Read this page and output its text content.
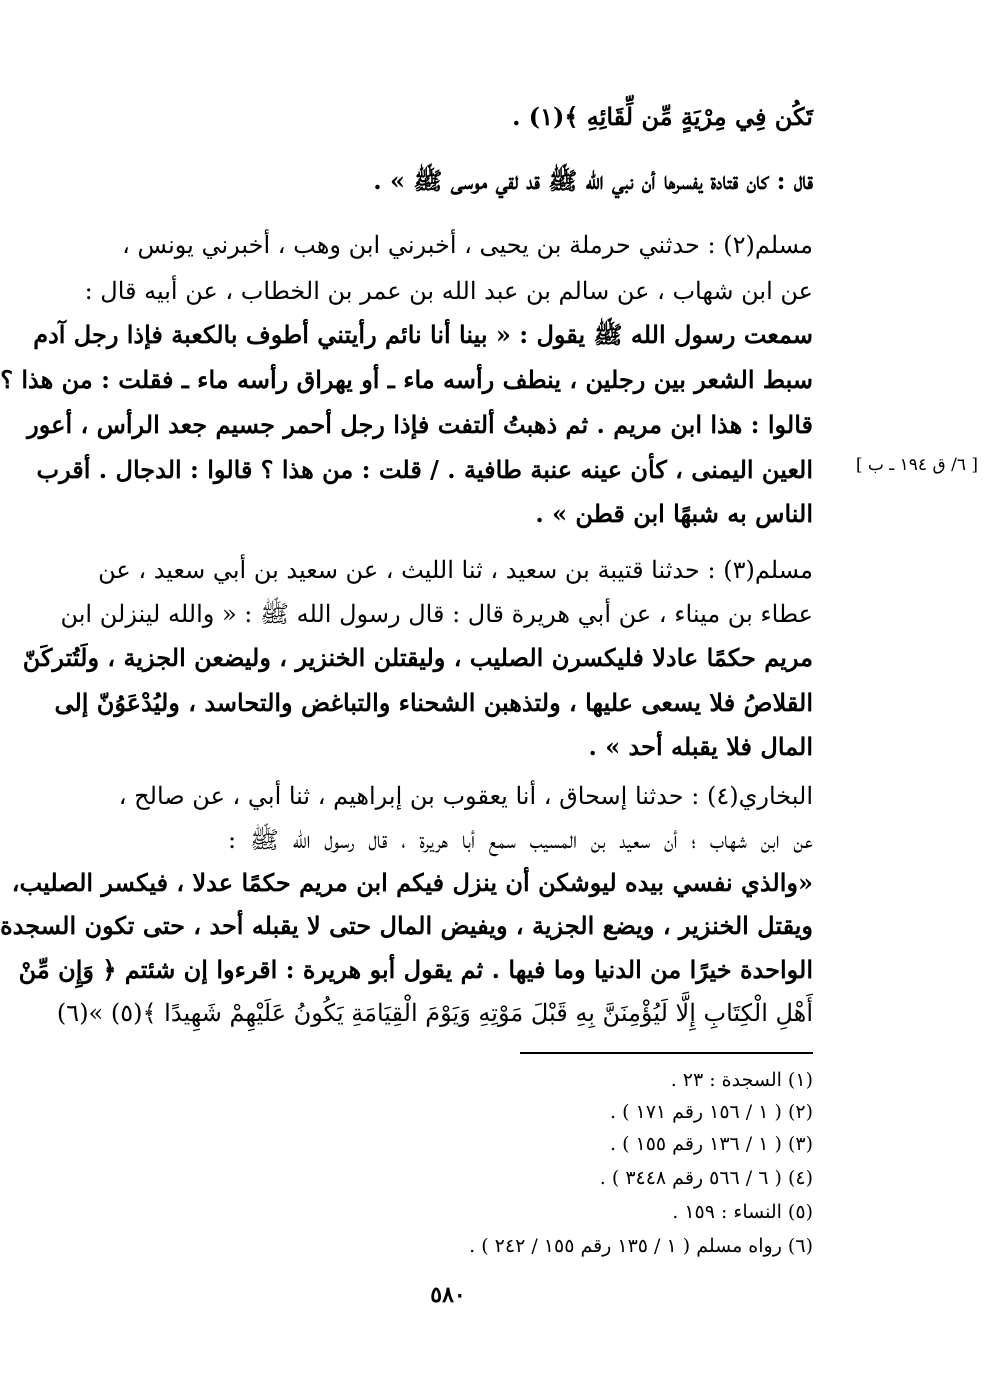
تَكُن فِي مِرْيَةٍ مِّن لِّقَائِهِ ﴾(١) .
قال : كان قتادة يفسرها أن نبي الله ﷺ قد لقي موسى ﷺ » .
مسلم(٢) : حدثني حرملة بن يحيى ، أخبرني ابن وهب ، أخبرني يونس ،
عن ابن شهاب ، عن سالم بن عبد الله بن عمر بن الخطاب ، عن أبيه قال :
سمعت رسول الله ﷺ يقول : « بينا أنا نائم رأيتني أطوف بالكعبة فإذا رجل آدم
سبط الشعر بين رجلين ، ينطف رأسه ماء ـ أو يهراق رأسه ماء ـ فقلت : من هذا ؟
قالوا : هذا ابن مريم . ثم ذهبتُ ألتفت فإذا رجل أحمر جسيم جعد الرأس ، أعور
العين اليمنى ، كأن عينه عنبة طافية . / قلت : من هذا ؟ قالوا : الدجال . أقرب
الناس به شبهًا ابن قطن » .
مسلم(٣) : حدثنا قتيبة بن سعيد ، ثنا الليث ، عن سعيد بن أبي سعيد ، عن
عطاء بن ميناء ، عن أبي هريرة قال : قال رسول الله ﷺ : « والله لينزلن ابن
مريم حكمًا عادلا فليكسرن الصليب ، وليقتلن الخنزير ، وليضعن الجزية ، ولَتُتركَنّ
القلاصُ فلا يسعى عليها ، ولتذهبن الشحناء والتباغض والتحاسد ، وليُدْعَوُنّ إلى
المال فلا يقبله أحد » .
البخاري(٤) : حدثنا إسحاق ، أنا يعقوب بن إبراهيم ، ثنا أبي ، عن صالح ،
عن ابن شهاب ؛ أن سعيد بن المسيب سمع أبا هريرة ، قال رسول الله ﷺ :
«والذي نفسي بيده ليوشكن أن ينزل فيكم ابن مريم حكمًا عدلا ، فيكسر الصليب،
ويقتل الخنزير ، ويضع الجزية ، ويفيض المال حتى لا يقبله أحد ، حتى تكون السجدة
الواحدة خيرًا من الدنيا وما فيها . ثم يقول أبو هريرة : اقرءوا إن شئتم ﴿ وَإِن مِّنْ
أَهْلِ الْكِتَابِ إِلَّا لَيُؤْمِنَنَّ بِهِ قَبْلَ مَوْتِهِ وَيَوْمَ الْقِيَامَةِ يَكُونُ عَلَيْهِمْ شَهِيدًا ﴾(٥) »(٦)
[ ٦/ ق ١٩٤ ـ ب ]
(١) السجدة : ٢٣ .
(٢) ( ١ / ١٥٦ رقم ١٧١ ) .
(٣) ( ١ / ١٣٦ رقم ١٥٥ ) .
(٤) ( ٦ / ٥٦٦ رقم ٣٤٤٨ ) .
(٥) النساء : ١٥٩ .
(٦) رواه مسلم ( ١ / ١٣٥ رقم ١٥٥ / ٢٤٢ ) .
٥٨٠
